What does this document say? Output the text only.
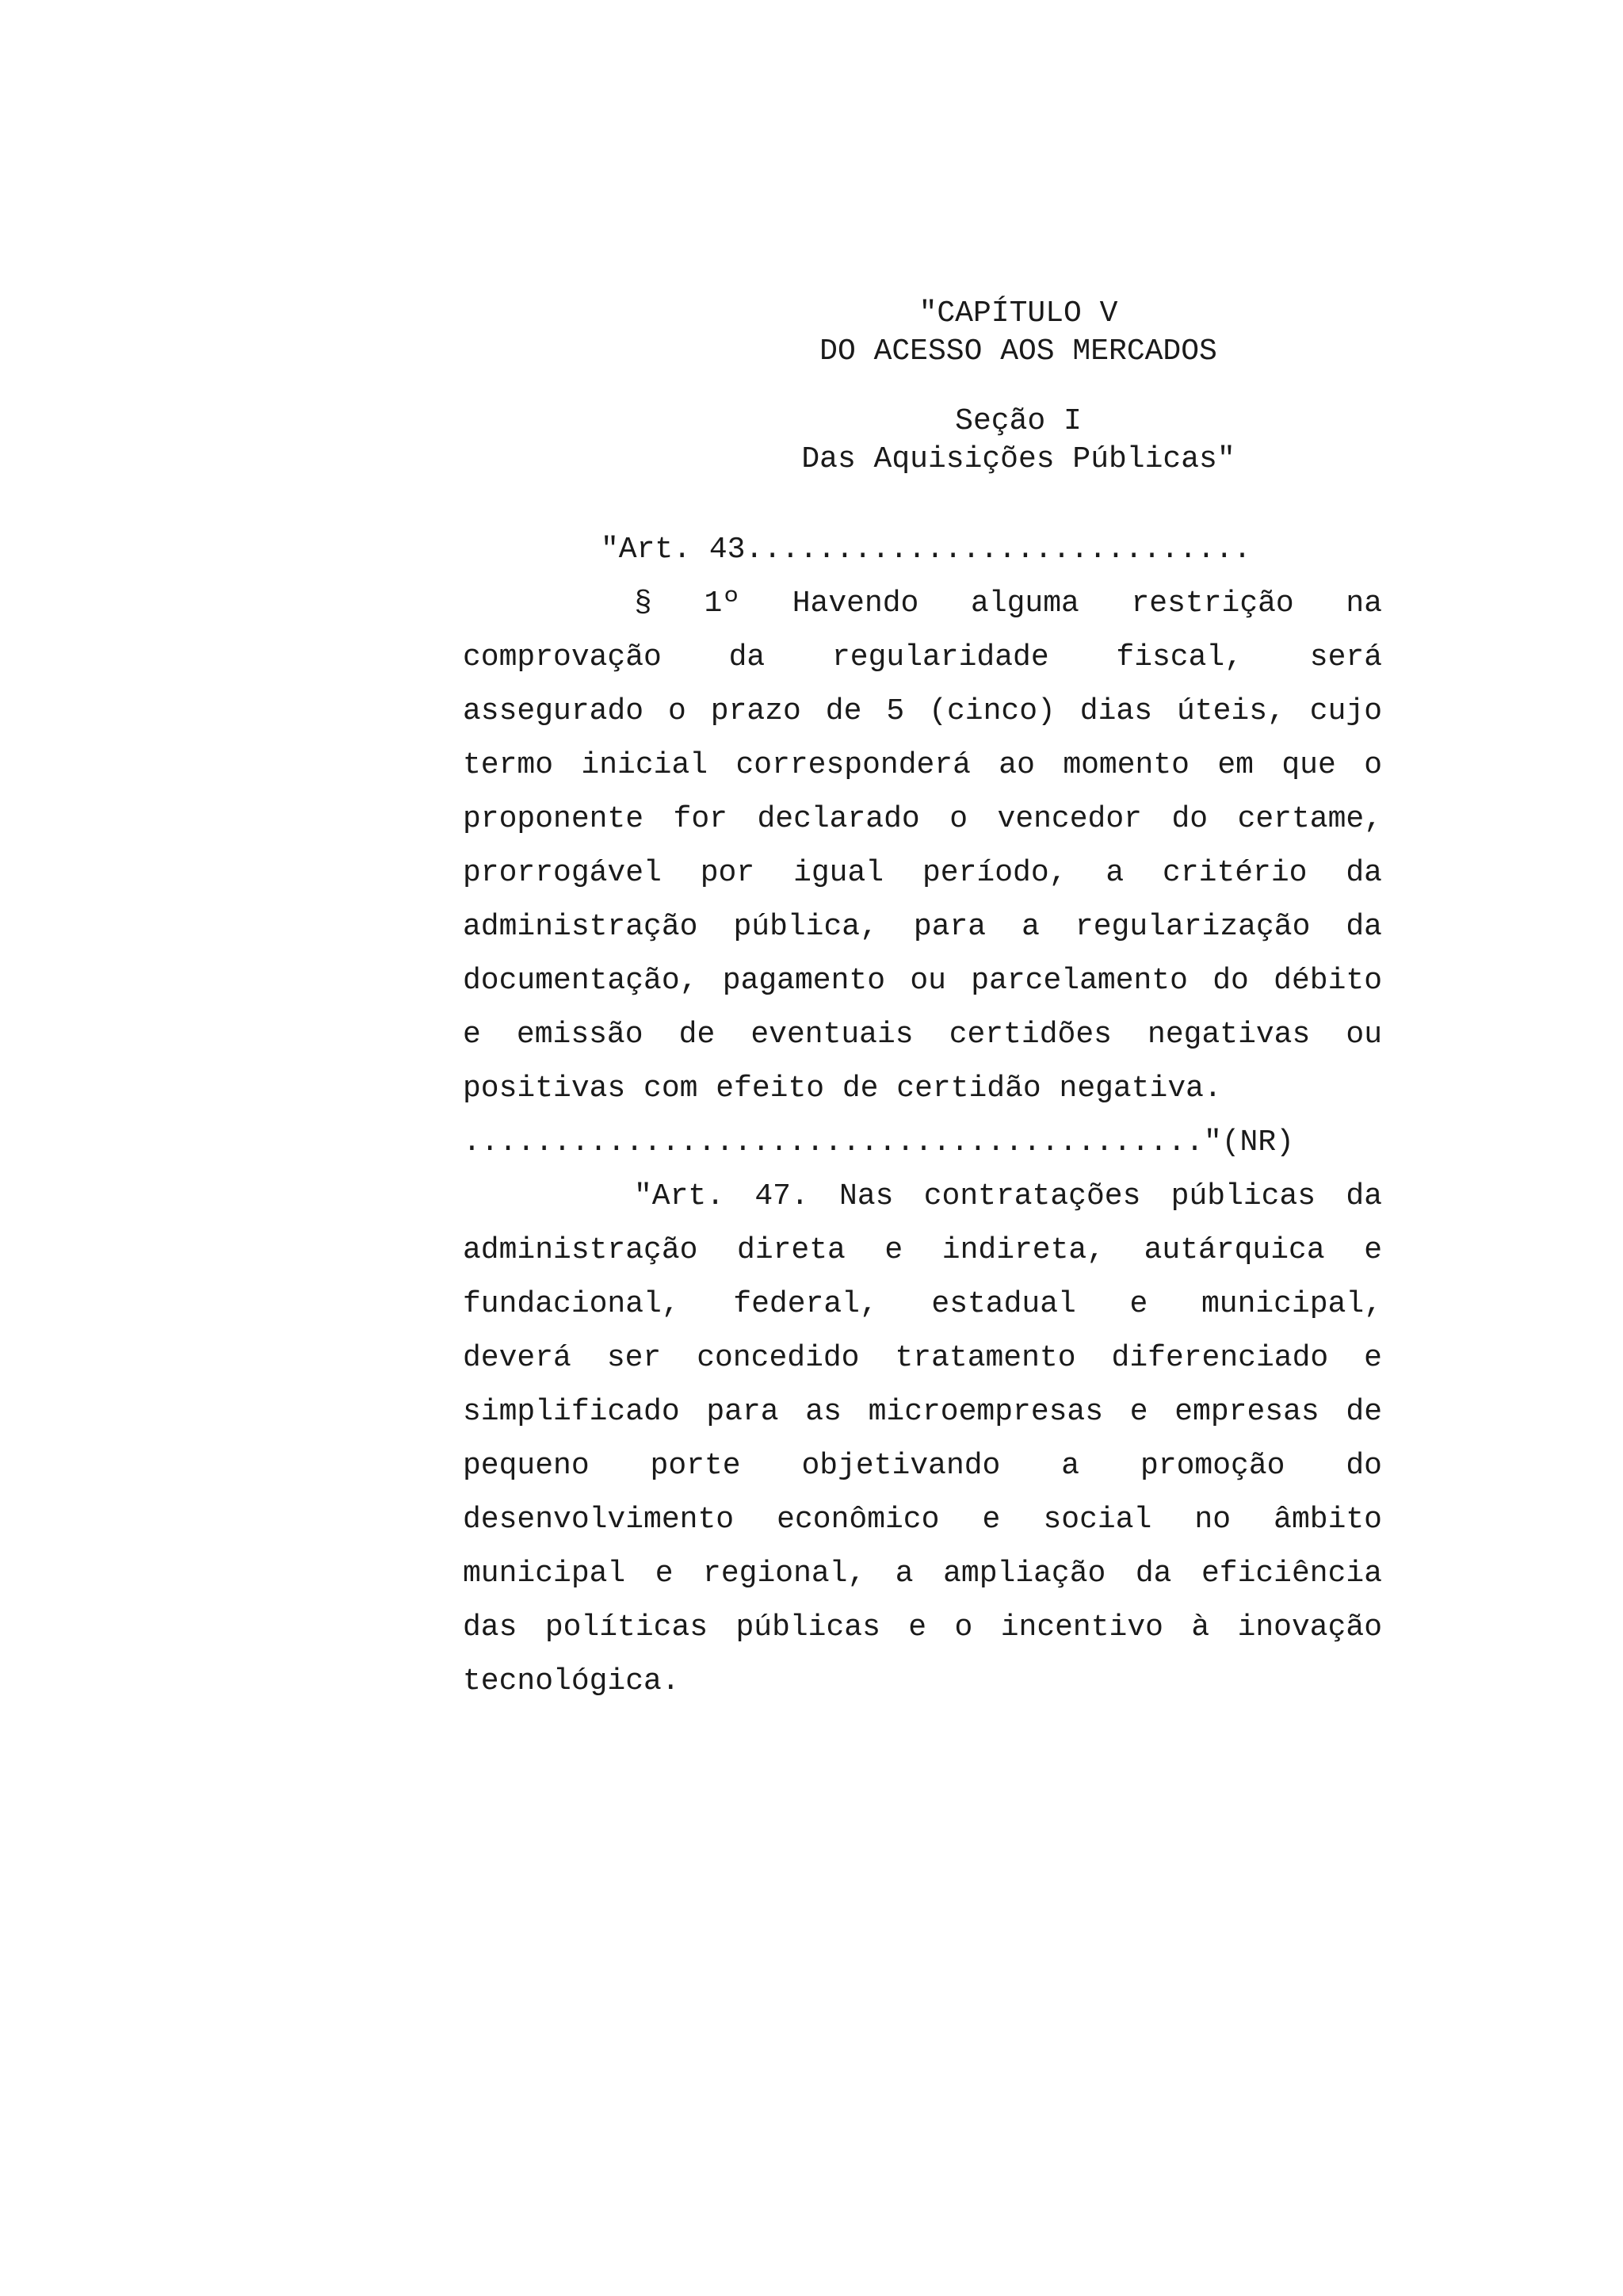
"CAPÍTULO V
DO ACESSO AOS MERCADOS
Seção I
Das Aquisições Públicas"
"Art. 43............................
§ 1º Havendo alguma restrição na
comprovação da regularidade fiscal, será
assegurado o prazo de 5 (cinco) dias úteis, cujo
termo inicial corresponderá ao momento em que o
proponente for declarado o vencedor do certame,
prorrogável por igual período, a critério da
administração pública, para a regularização da
documentação, pagamento ou parcelamento do débito
e emissão de eventuais certidões negativas ou
positivas com efeito de certidão negativa.
........................................."(NR)
"Art. 47. Nas contratações públicas da
administração direta e indireta, autárquica e
fundacional, federal, estadual e municipal,
deverá ser concedido tratamento diferenciado e
simplificado para as microempresas e empresas de
pequeno porte objetivando a promoção do
desenvolvimento econômico e social no âmbito
municipal e regional, a ampliação da eficiência
das políticas públicas e o incentivo à inovação
tecnológica.
